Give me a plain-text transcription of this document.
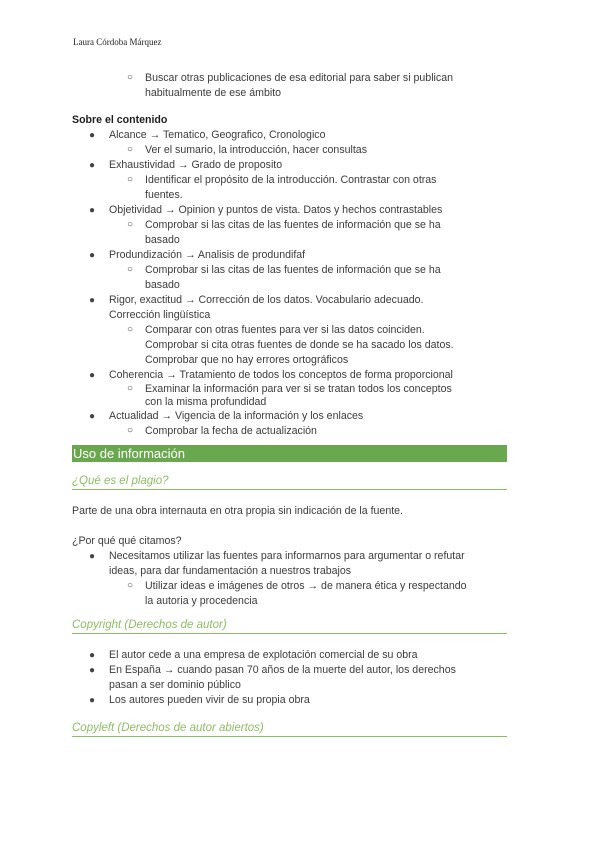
Laura Córdoba Márquez
○ Buscar otras publicaciones de esa editorial para saber si publican
habitualmente de ese ámbito
Sobre el contenido
● Alcance → Tematico, Geografico, Cronologico
○ Ver el sumario, la introducción, hacer consultas
● Exhaustividad → Grado de proposito
○ Identificar el propósito de la introducción. Contrastar con otras
fuentes.
● Objetividad → Opinion y puntos de vista. Datos y hechos contrastables
○ Comprobar si las citas de las fuentes de información que se ha
basado
● Produndización → Analisis de produndifaf
○ Comprobar si las citas de las fuentes de información que se ha
basado
● Rigor, exactitud → Corrección de los datos. Vocabulario adecuado.
Corrección lingüística
○ Comparar con otras fuentes para ver si las datos coinciden.
Comprobar si cita otras fuentes de donde se ha sacado los datos.
Comprobar que no hay errores ortográficos
● Coherencia → Tratamiento de todos los conceptos de forma proporcional
○ Examinar la información para ver si se tratan todos los conceptos
con la misma profundidad
● Actualidad → Vigencia de la información y los enlaces
○ Comprobar la fecha de actualización
Uso de información
¿Qué es el plagio?
Parte de una obra internauta en otra propia sin indicación de la fuente.
¿Por qué qué citamos?
● Necesitamos utilizar las fuentes para informarnos para argumentar o refutar
ideas, para dar fundamentación a nuestros trabajos
○ Utilizar ideas e imágenes de otros → de manera ética y respectando
la autoria y procedencia
Copyright (Derechos de autor)
● El autor cede a una empresa de explotación comercial de su obra
● En España → cuando pasan 70 años de la muerte del autor, los derechos
pasan a ser dominio público
● Los autores pueden vivir de su propia obra
Copyleft (Derechos de autor abiertos)
